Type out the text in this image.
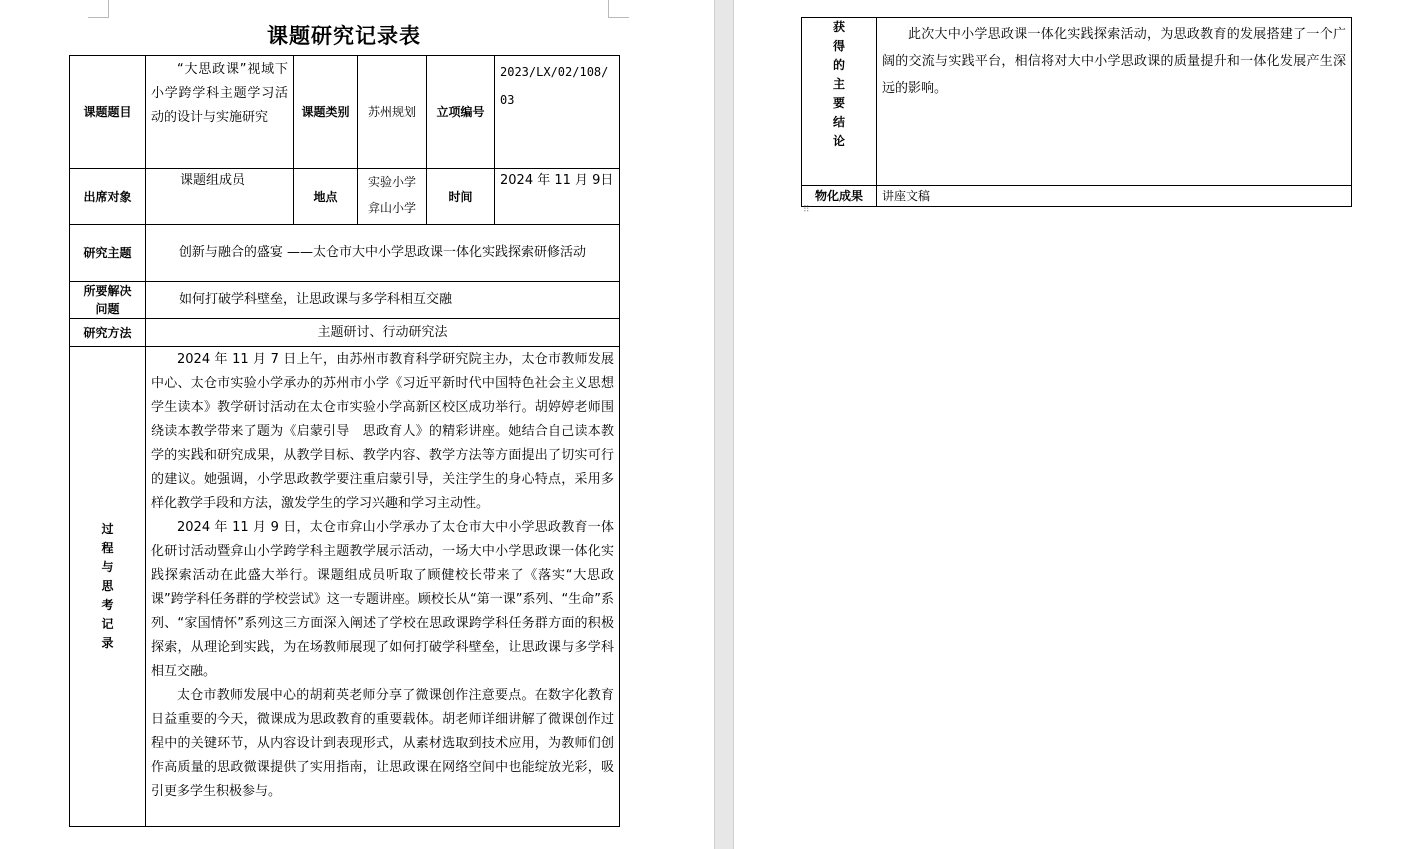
课题研究记录表
课题题目	“大思政课”视域下小学跨学科主题学习活动的设计与实施研究	课题类别	苏州规划	立项编号	2023/LX/02/108/03
出席对象	课题组成员	地点	实验小学 弇山小学	时间	2024 年 11 月 9日
研究主题	创新与融合的盛宴 ——太仓市大中小学思政课一体化实践探索研修活动				
所要解决
问题	如何打破学科壁垒，让思政课与多学科相互交融				
研究方法	主题研讨、行动研究法				
过程与思考记录	2024 年 11 月 7 日上午，由苏州市教育科学研究院主办，太仓市教师发展中心、太仓市实验小学承办的苏州市小学《习近平新时代中国特色社会主义思想学生读本》教学研讨活动在太仓市实验小学高新区校区成功举行。胡婷婷老师围绕读本教学带来了题为《启蒙引导　思政育人》的精彩讲座。她结合自己读本教学的实践和研究成果，从教学目标、教学内容、教学方法等方面提出了切实可行的建议。她强调，小学思政教学要注重启蒙引导，关注学生的身心特点，采用多样化教学手段和方法，激发学生的学习兴趣和学习主动性。

2024 年 11 月 9 日，太仓市弇山小学承办了太仓市大中小学思政教育一体化研讨活动暨弇山小学跨学科主题教学展示活动，一场大中小学思政课一体化实践探索活动在此盛大举行。课题组成员听取了顾健校长带来了《落实“大思政课”跨学科任务群的学校尝试》这一专题讲座。顾校长从“第一课”系列、“生命”系列、“家国情怀”系列这三方面深入阐述了学校在思政课跨学科任务群方面的积极探索，从理论到实践，为在场教师展现了如何打破学科壁垒，让思政课与多学科相互交融。

太仓市教师发展中心的胡莉英老师分享了微课创作注意要点。在数字化教育日益重要的今天，微课成为思政教育的重要载体。胡老师详细讲解了微课创作过程中的关键环节，从内容设计到表现形式，从素材选取到技术应用，为教师们创作高质量的思政微课提供了实用指南，让思政课在网络空间中也能绽放光彩，吸引更多学生积极参与。				

获得的主要结论	此次大中小学思政课一体化实践探索活动，为思政教育的发展搭建了一个广阔的交流与实践平台，相信将对大中小学思政课的质量提升和一体化发展产生深远的影响。

物化成果	讲座文稿
⠿
